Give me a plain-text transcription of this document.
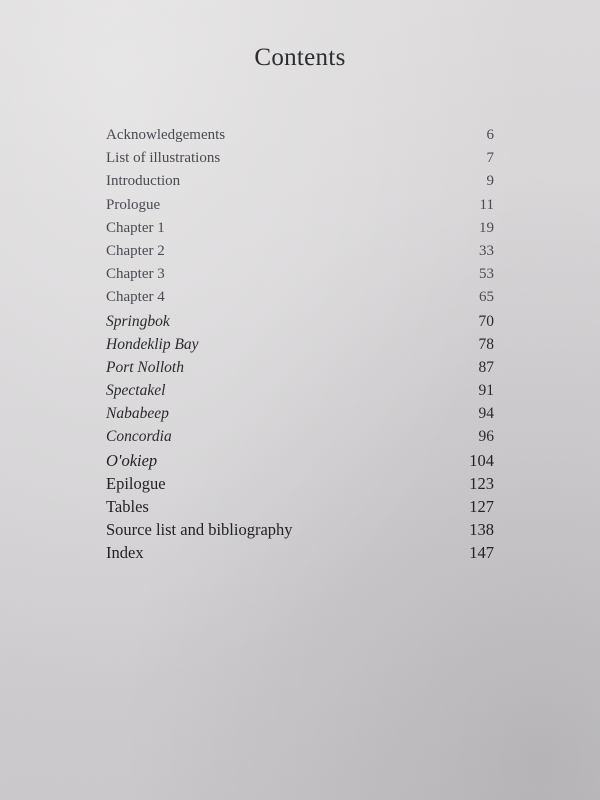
Contents
Acknowledgements	6
List of illustrations	7
Introduction	9
Prologue	11
Chapter 1	19
Chapter 2	33
Chapter 3	53
Chapter 4	65
Springbok	70
Hondeklip Bay	78
Port Nolloth	87
Spectakel	91
Nababeep	94
Concordia	96
O'okiep	104
Epilogue	123
Tables	127
Source list and bibliography	138
Index	147
